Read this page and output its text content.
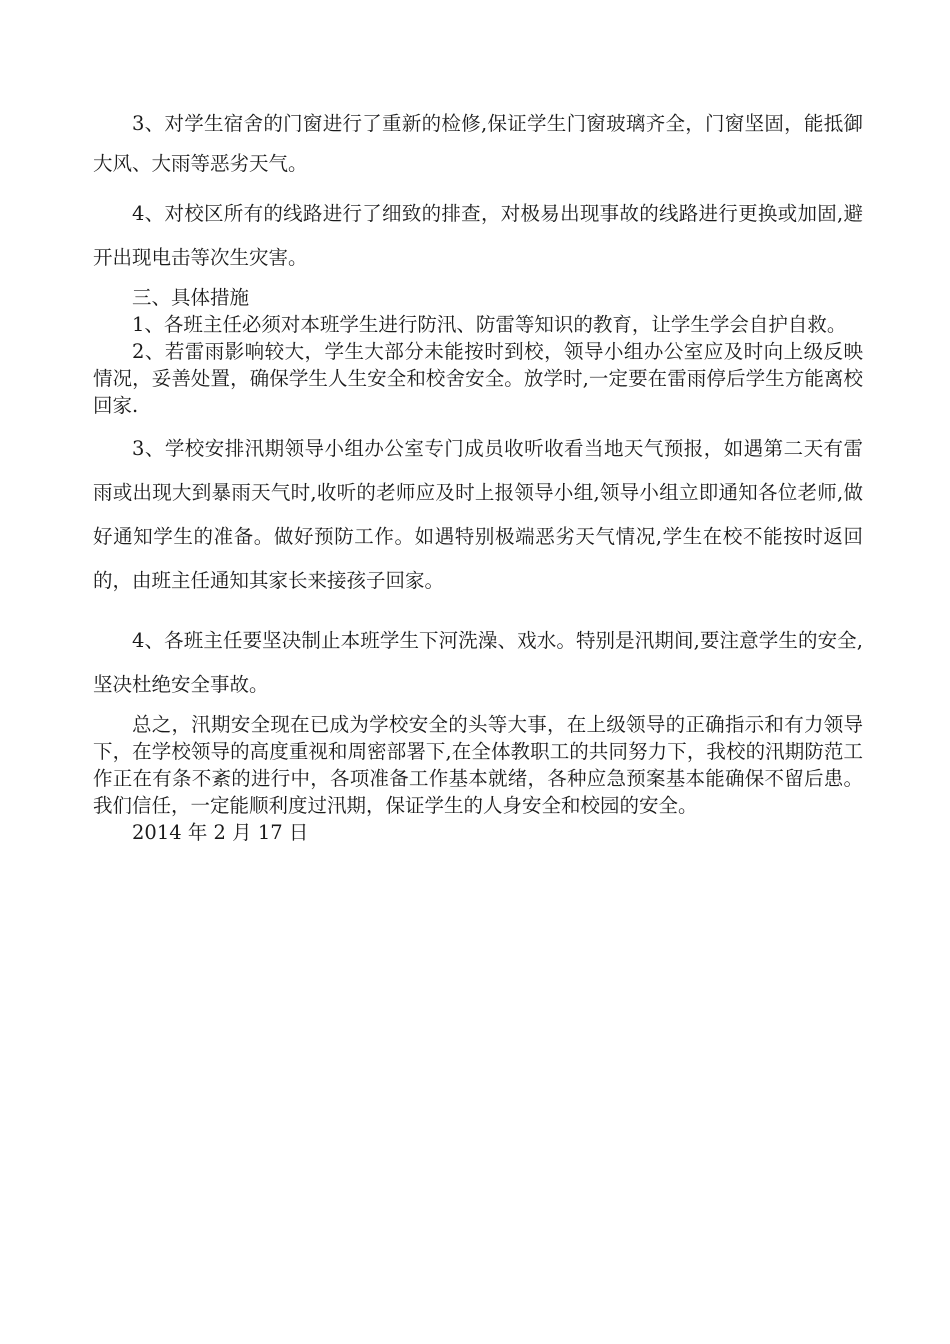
3、对学生宿舍的门窗进行了重新的检修,保证学生门窗玻璃齐全，门窗坚固，能抵御大风、大雨等恶劣天气。

4、对校区所有的线路进行了细致的排查，对极易出现事故的线路进行更换或加固,避开出现电击等次生灾害。

三、具体措施

1、各班主任必须对本班学生进行防汛、防雷等知识的教育，让学生学会自护自救。

2、若雷雨影响较大，学生大部分未能按时到校，领导小组办公室应及时向上级反映情况，妥善处置，确保学生人生安全和校舍安全。放学时,一定要在雷雨停后学生方能离校回家.

3、学校安排汛期领导小组办公室专门成员收听收看当地天气预报，如遇第二天有雷雨或出现大到暴雨天气时,收听的老师应及时上报领导小组,领导小组立即通知各位老师,做好通知学生的准备。做好预防工作。如遇特别极端恶劣天气情况,学生在校不能按时返回的，由班主任通知其家长来接孩子回家。

4、各班主任要坚决制止本班学生下河洗澡、戏水。特别是汛期间,要注意学生的安全,坚决杜绝安全事故。

总之，汛期安全现在已成为学校安全的头等大事，在上级领导的正确指示和有力领导下，在学校领导的高度重视和周密部署下,在全体教职工的共同努力下，我校的汛期防范工作正在有条不紊的进行中，各项准备工作基本就绪，各种应急预案基本能确保不留后患。我们信任，一定能顺利度过汛期，保证学生的人身安全和校园的安全。

2014 年 2 月 17 日
